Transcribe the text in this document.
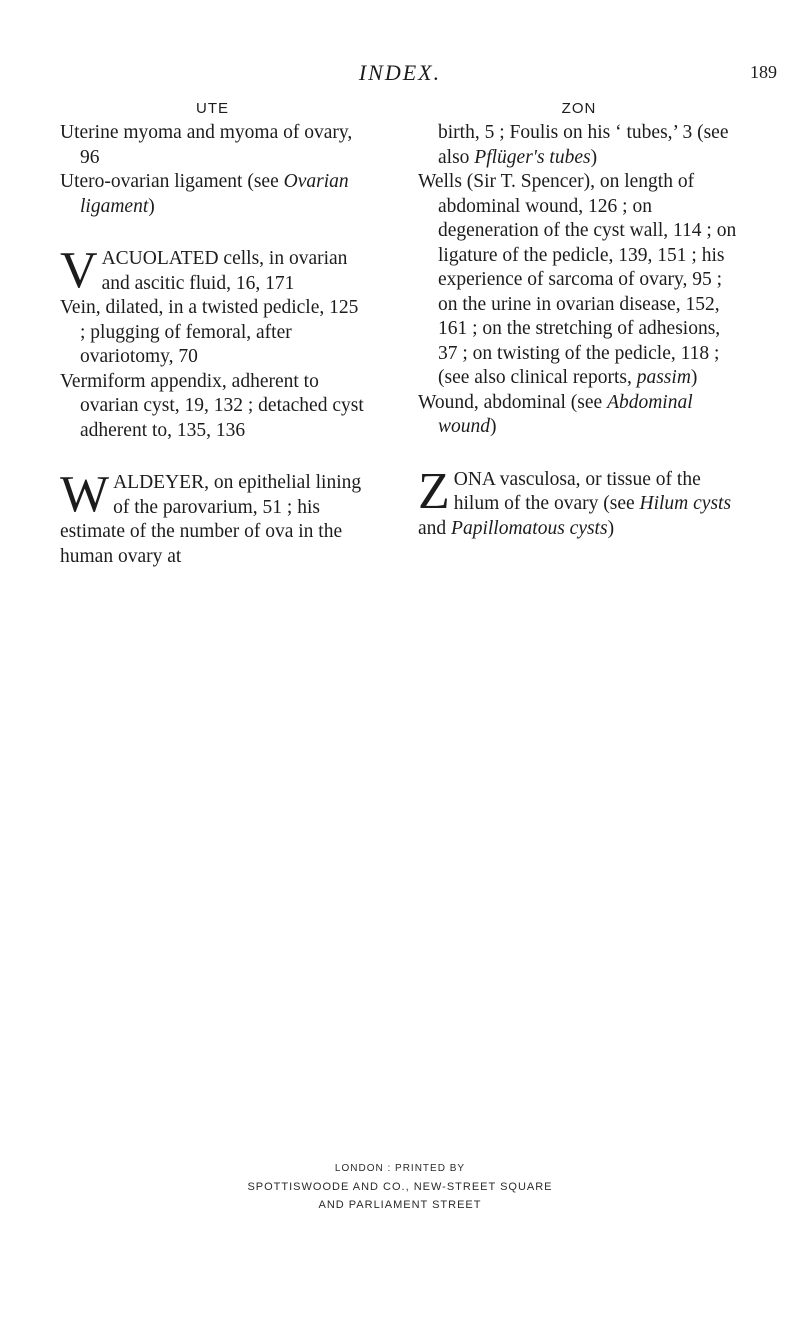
INDEX.	189
UTE

Uterine myoma and myoma of ovary, 96

Utero-ovarian ligament (see Ovarian ligament)

VACUOLATED cells, in ovarian and ascitic fluid, 16, 171

Vein, dilated, in a twisted pedicle, 125 ; plugging of femoral, after ovariotomy, 70

Vermiform appendix, adherent to ovarian cyst, 19, 132 ; detached cyst adherent to, 135, 136

WALDEYER, on epithelial lining of the parovarium, 51 ; his estimate of the number of ova in the human ovary at

ZON

birth, 5 ; Foulis on his ‘ tubes,’ 3 (see also Pflüger's tubes)

Wells (Sir T. Spencer), on length of abdominal wound, 126 ; on degeneration of the cyst wall, 114 ; on ligature of the pedicle, 139, 151 ; his experience of sarcoma of ovary, 95 ; on the urine in ovarian disease, 152, 161 ; on the stretching of adhesions, 37 ; on twisting of the pedicle, 118 ; (see also clinical reports, passim)

Wound, abdominal (see Abdominal wound)

ZONA vasculosa, or tissue of the hilum of the ovary (see Hilum cysts and Papillomatous cysts)

LONDON : PRINTED BY
SPOTTISWOODE AND CO., NEW-STREET SQUARE
AND PARLIAMENT STREET
